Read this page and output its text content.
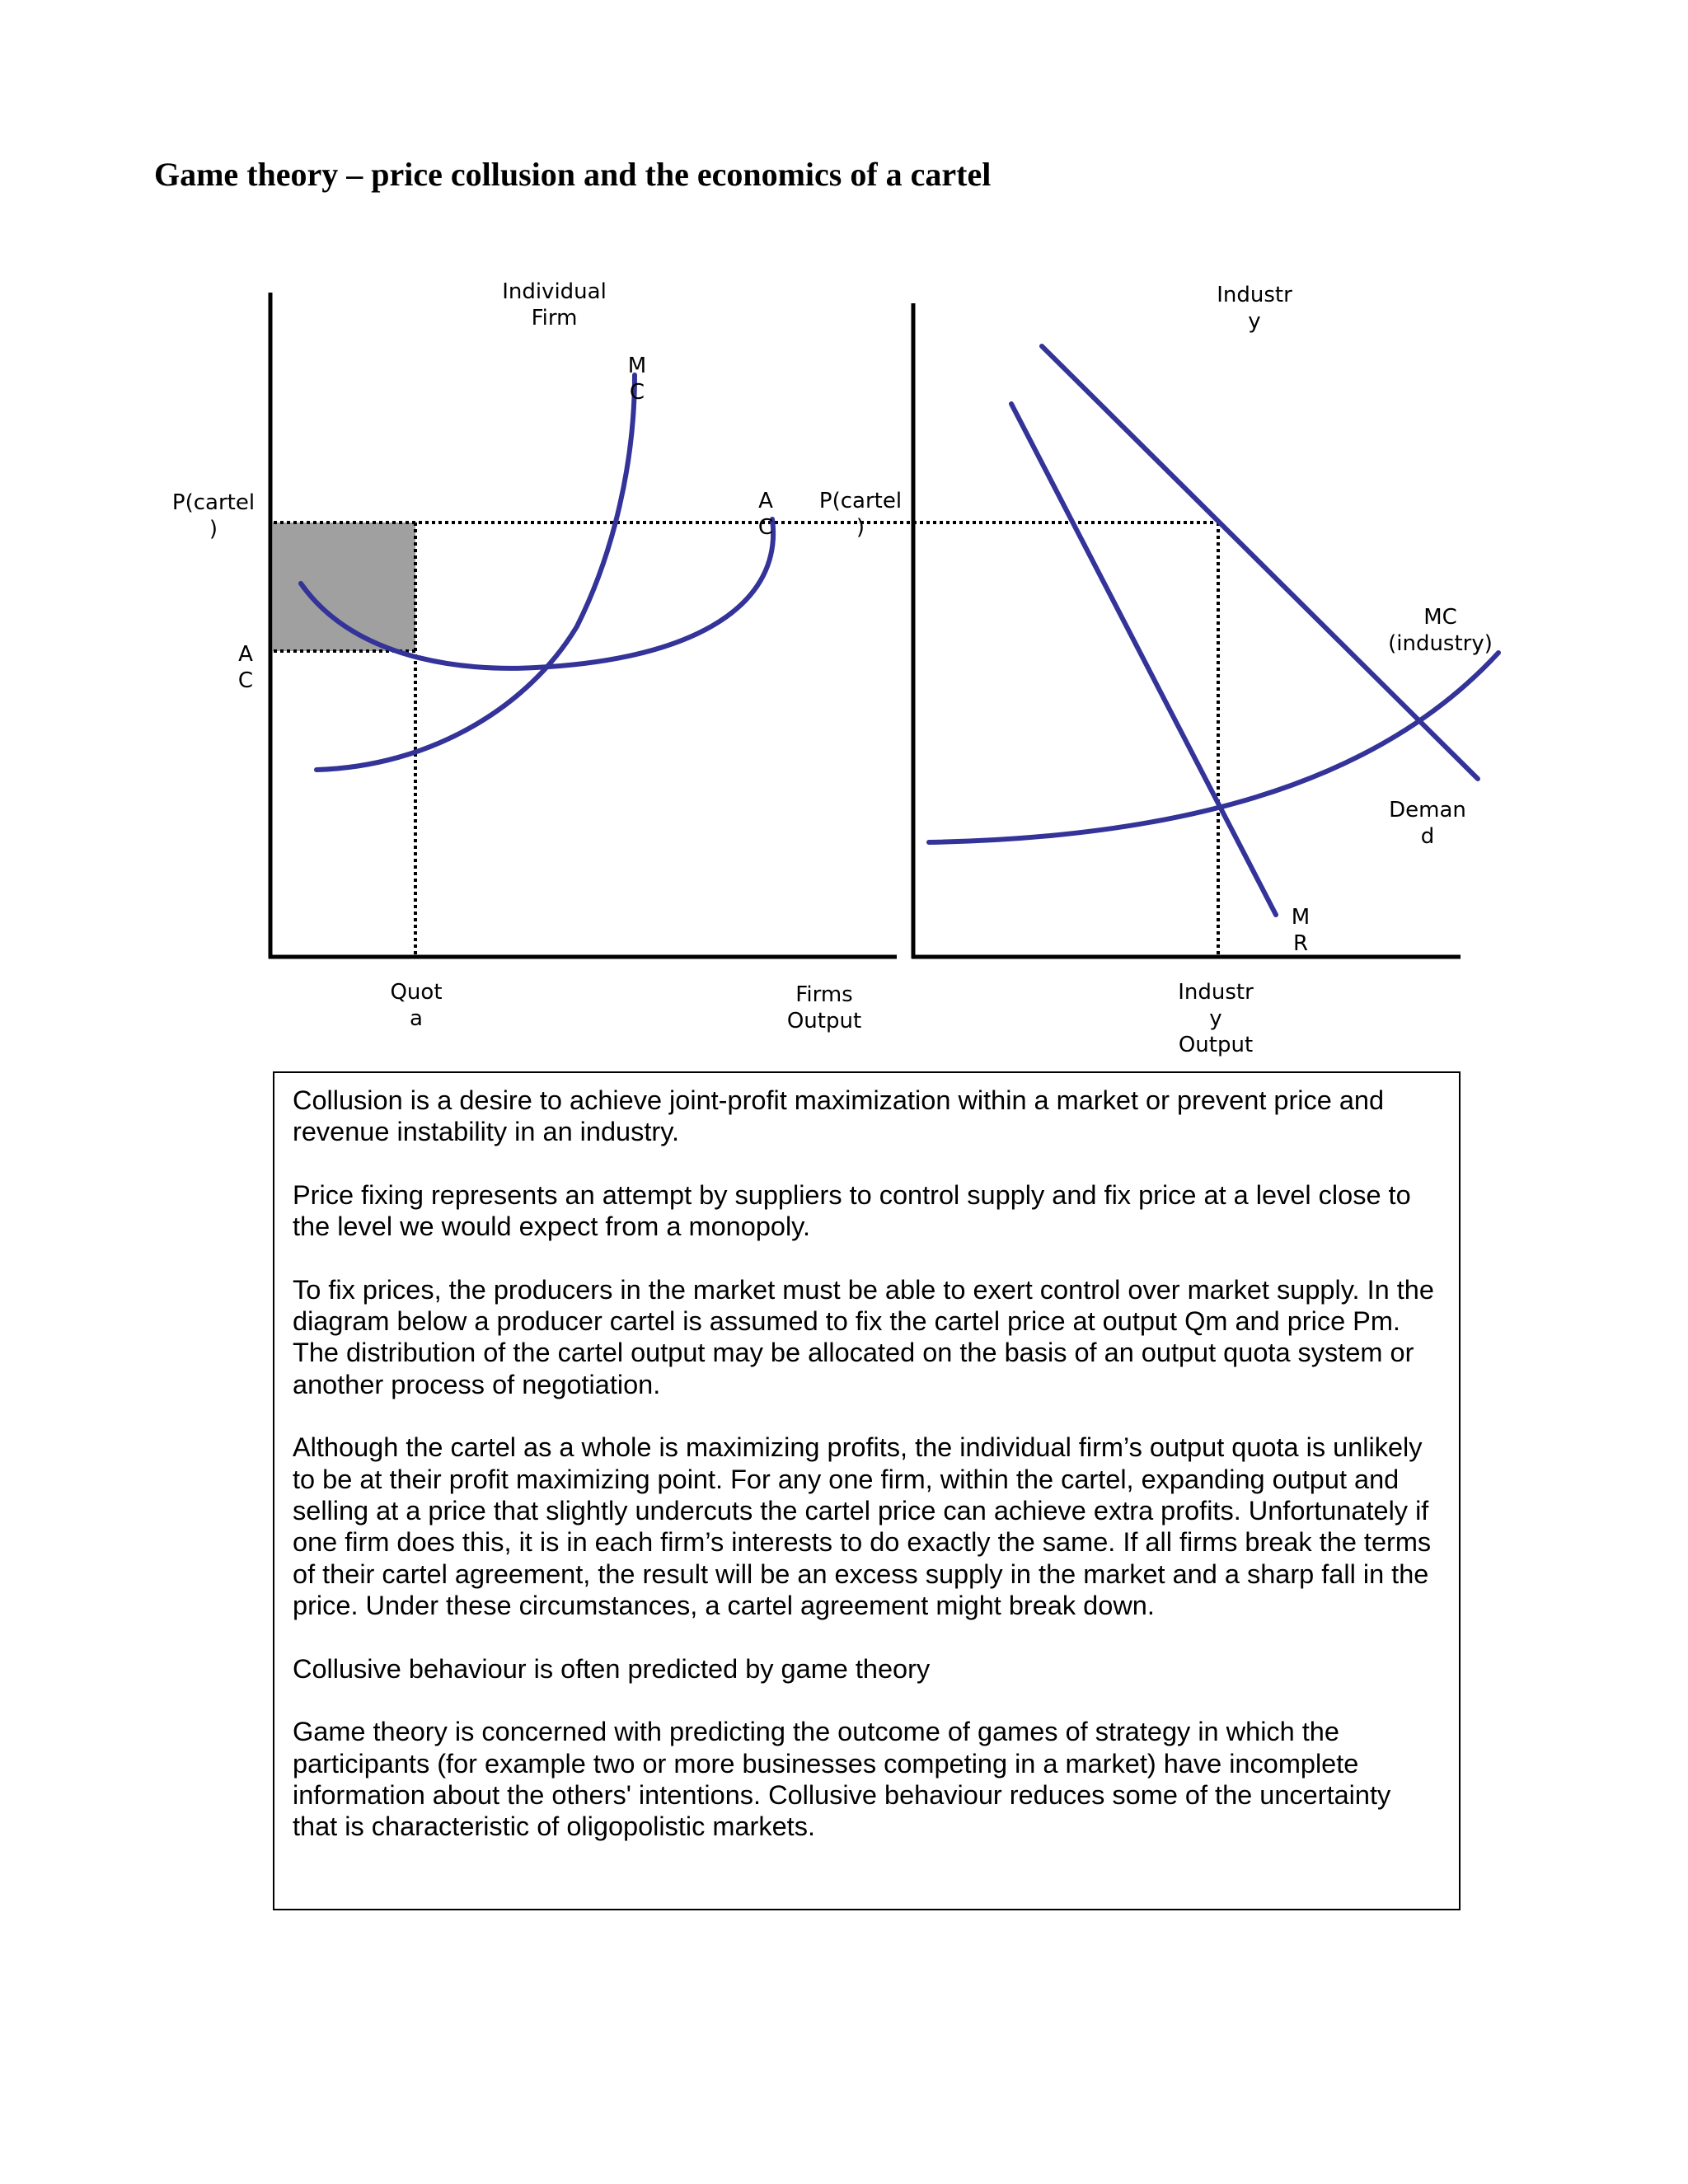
Game theory – price collusion and the economics of a cartel
Individual
Firm
M
C
A
C
P(cartel
)
P(cartel
)
A
C
Quot
a
Firms
Output
Industr
y
MC
(industry)
Deman
d
M
R
Industr
y
Output

Collusion is a desire to achieve joint-profit maximization within a market or prevent price and revenue instability in an industry.

Price fixing represents an attempt by suppliers to control supply and fix price at a level close to the level we would expect from a monopoly.

To fix prices, the producers in the market must be able to exert control over market supply. In the diagram below a producer cartel is assumed to fix the cartel price at output Qm and price Pm. The distribution of the cartel output may be allocated on the basis of an output quota system or another process of negotiation.

Although the cartel as a whole is maximizing profits, the individual firm’s output quota is unlikely to be at their profit maximizing point. For any one firm, within the cartel, expanding output and selling at a price that slightly undercuts the cartel price can achieve extra profits. Unfortunately if one firm does this, it is in each firm’s interests to do exactly the same. If all firms break the terms of their cartel agreement, the result will be an excess supply in the market and a sharp fall in the price. Under these circumstances, a cartel agreement might break down.

Collusive behaviour is often predicted by game theory

Game theory is concerned with predicting the outcome of games of strategy in which the participants (for example two or more businesses competing in a market) have incomplete information about the others' intentions. Collusive behaviour reduces some of the uncertainty that is characteristic of oligopolistic markets.
